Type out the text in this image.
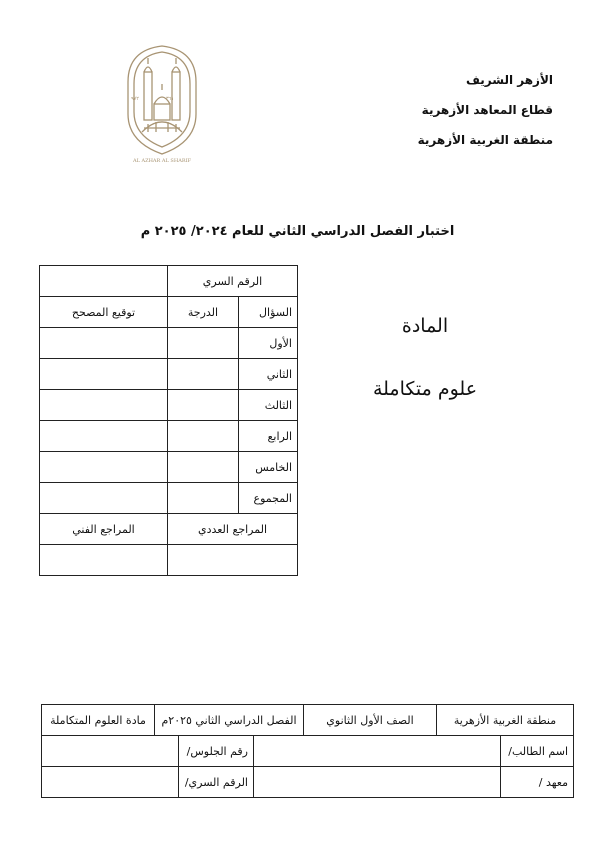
الأزهر الشريف
قطاع المعاهد الأزهرية
منطقة الغربية الأزهرية
٩٧٢	٣٦١
AL AZHAR AL SHARIF
اختبار الفصل الدراسي الثاني للعام ٢٠٢٤/ ٢٠٢٥ م
المادة
علوم متكاملة
الرقم السري		
السؤال	الدرجة	توقيع المصحح
الأول		
الثاني		
الثالث		
الرابع		
الخامس		
المجموع		
المراجع العددي		المراجع الفني

منطقة الغربية الأزهرية	الصف الأول الثانوي	الفصل الدراسي الثاني ٢٠٢٥م	مادة العلوم المتكاملة
اسم الطالب/		رقم الجلوس/	
معهد /		الرقم السري/	
